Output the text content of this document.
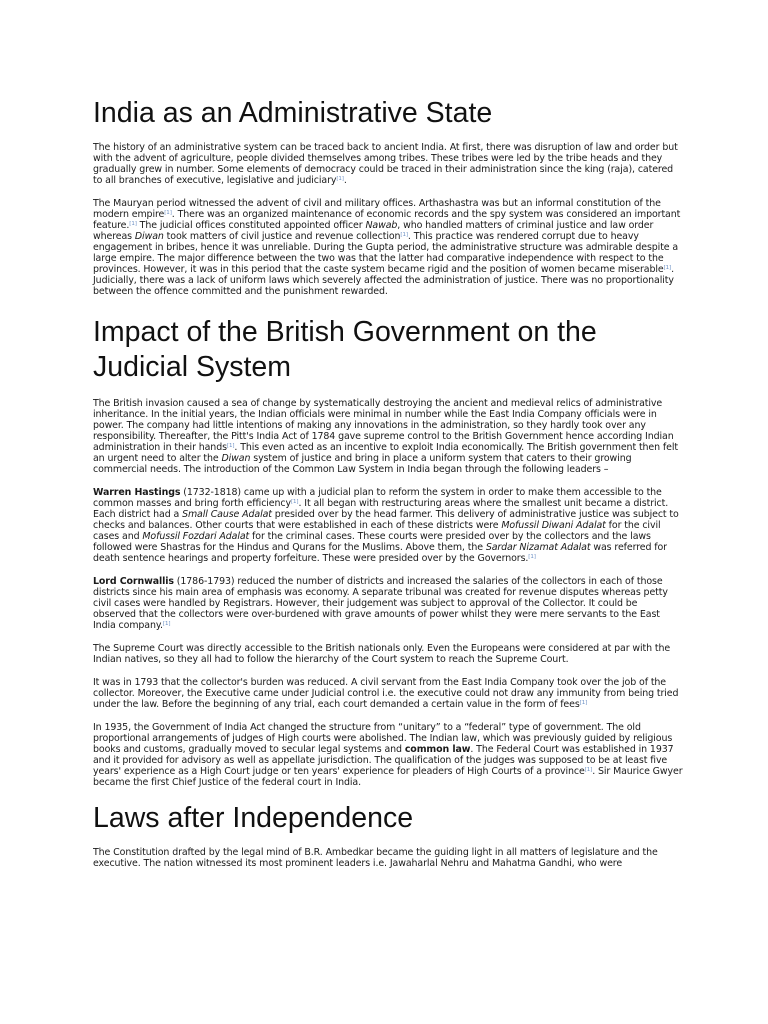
India as an Administrative State

The history of an administrative system can be traced back to ancient India. At first, there was disruption of law and order but with the advent of agriculture, people divided themselves among tribes. These tribes were led by the tribe heads and they gradually grew in number. Some elements of democracy could be traced in their administration since the king (raja), catered to all branches of executive, legislative and judiciary[1].

The Mauryan period witnessed the advent of civil and military offices. Arthashastra was but an informal constitution of the modern empire[1]. There was an organized maintenance of economic records and the spy system was considered an important feature.[1] The judicial offices constituted appointed officer Nawab, who handled matters of criminal justice and law order whereas Diwan took matters of civil justice and revenue collection[1]. This practice was rendered corrupt due to heavy engagement in bribes, hence it was unreliable. During the Gupta period, the administrative structure was admirable despite a large empire. The major difference between the two was that the latter had comparative independence with respect to the provinces. However, it was in this period that the caste system became rigid and the position of women became miserable[1]. Judicially, there was a lack of uniform laws which severely affected the administration of justice. There was no proportionality between the offence committed and the punishment rewarded.

Impact of the British Government on the Judicial System

The British invasion caused a sea of change by systematically destroying the ancient and medieval relics of administrative inheritance. In the initial years, the Indian officials were minimal in number while the East India Company officials were in power. The company had little intentions of making any innovations in the administration, so they hardly took over any responsibility. Thereafter, the Pitt's India Act of 1784 gave supreme control to the British Government hence according Indian administration in their hands[1]. This even acted as an incentive to exploit India economically. The British government then felt an urgent need to alter the Diwan system of justice and bring in place a uniform system that caters to their growing commercial needs. The introduction of the Common Law System in India began through the following leaders –

Warren Hastings (1732-1818) came up with a judicial plan to reform the system in order to make them accessible to the common masses and bring forth efficiency[1]. It all began with restructuring areas where the smallest unit became a district. Each district had a Small Cause Adalat presided over by the head farmer. This delivery of administrative justice was subject to checks and balances. Other courts that were established in each of these districts were Mofussil Diwani Adalat for the civil cases and Mofussil Fozdari Adalat for the criminal cases. These courts were presided over by the collectors and the laws followed were Shastras for the Hindus and Qurans for the Muslims. Above them, the Sardar Nizamat Adalat was referred for death sentence hearings and property forfeiture. These were presided over by the Governors.[1]

Lord Cornwallis (1786-1793) reduced the number of districts and increased the salaries of the collectors in each of those districts since his main area of emphasis was economy. A separate tribunal was created for revenue disputes whereas petty civil cases were handled by Registrars. However, their judgement was subject to approval of the Collector. It could be observed that the collectors were over-burdened with grave amounts of power whilst they were mere servants to the East India company.[1]

The Supreme Court was directly accessible to the British nationals only. Even the Europeans were considered at par with the Indian natives, so they all had to follow the hierarchy of the Court system to reach the Supreme Court.

It was in 1793 that the collector's burden was reduced. A civil servant from the East India Company took over the job of the collector. Moreover, the Executive came under Judicial control i.e. the executive could not draw any immunity from being tried under the law. Before the beginning of any trial, each court demanded a certain value in the form of fees[1]

In 1935, the Government of India Act changed the structure from “unitary” to a “federal” type of government. The old proportional arrangements of judges of High courts were abolished. The Indian law, which was previously guided by religious books and customs, gradually moved to secular legal systems and common law. The Federal Court was established in 1937 and it provided for advisory as well as appellate jurisdiction. The qualification of the judges was supposed to be at least five years' experience as a High Court judge or ten years' experience for pleaders of High Courts of a province[1]. Sir Maurice Gwyer became the first Chief Justice of the federal court in India.

Laws after Independence

The Constitution drafted by the legal mind of B.R. Ambedkar became the guiding light in all matters of legislature and the executive. The nation witnessed its most prominent leaders i.e. Jawaharlal Nehru and Mahatma Gandhi, who were
